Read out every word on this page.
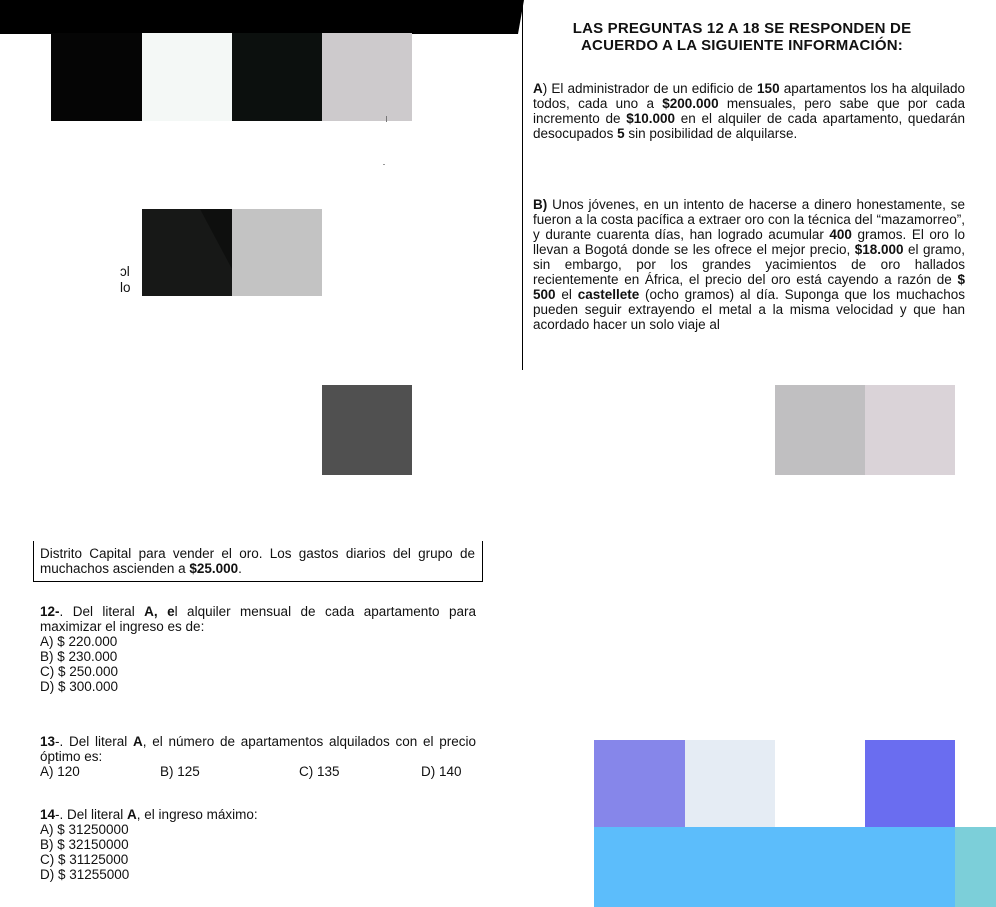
ɔl
lo
LAS PREGUNTAS 12 A 18 SE RESPONDEN DE
ACUERDO A LA SIGUIENTE INFORMACIÓN:

A) El administrador de un edificio de 150 apartamentos los ha alquilado todos, cada uno a $200.000 mensuales, pero sabe que por cada incremento de $10.000 en el alquiler de cada apartamento, quedarán desocupados 5 sin posibilidad de alquilarse.

B) Unos jóvenes, en un intento de hacerse a dinero honestamente, se fueron a la costa pacífica a extraer oro con la técnica del “mazamorreo”, y durante cuarenta días, han logrado acumular 400 gramos. El oro lo llevan a Bogotá donde se les ofrece el mejor precio, $18.000 el gramo, sin embargo, por los grandes yacimientos de oro hallados recientemente en África, el precio del oro está cayendo a razón de $ 500 el castellete (ocho gramos) al día. Suponga que los muchachos pueden seguir extrayendo el metal a la misma velocidad y que han acordado hacer un solo viaje al

Distrito Capital para vender el oro. Los gastos diarios del grupo de muchachos ascienden a $25.000.

12-. Del literal A, el alquiler mensual de cada apartamento para maximizar el ingreso es de:
A) $ 220.000
B) $ 230.000
C) $ 250.000
D) $ 300.000
13-. Del literal A, el número de apartamentos alquilados con el precio óptimo es:
A) 120	B) 125	C) 135	D) 140
14-. Del literal A, el ingreso máximo:
A) $ 31250000
B) $ 32150000
C) $ 31125000
D) $ 31255000
